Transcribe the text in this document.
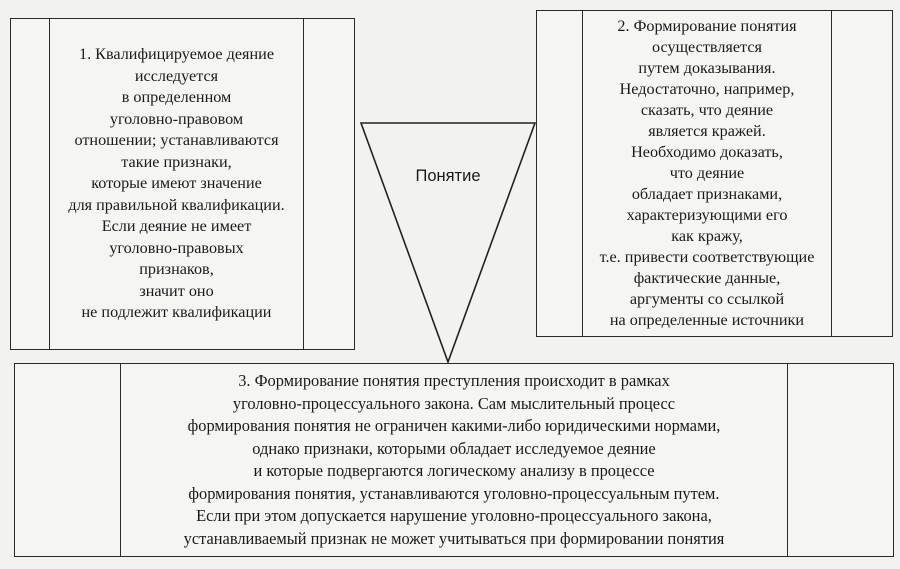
Понятие
1. Квалифицируемое деяние
исследуется
в определенном
уголовно-правовом
отношении; устанавливаются
такие признаки,
которые имеют значение
для правильной квалификации.
Если деяние не имеет
уголовно-правовых
признаков,
значит оно
не подлежит квалификации
2. Формирование понятия
осуществляется
путем доказывания.
Недостаточно, например,
сказать, что деяние
является кражей.
Необходимо доказать,
что деяние
обладает признаками,
характеризующими его
как кражу,
т.е. привести соответствующие
фактические данные,
аргументы со ссылкой
на определенные источники
3. Формирование понятия преступления происходит в рамках
уголовно-процессуального закона. Сам мыслительный процесс
формирования понятия не ограничен какими-либо юридическими нормами,
однако признаки, которыми обладает исследуемое деяние
и которые подвергаются логическому анализу в процессе
формирования понятия, устанавливаются уголовно-процессуальным путем.
Если при этом допускается нарушение уголовно-процессуального закона,
устанавливаемый признак не может учитываться при формировании понятия
